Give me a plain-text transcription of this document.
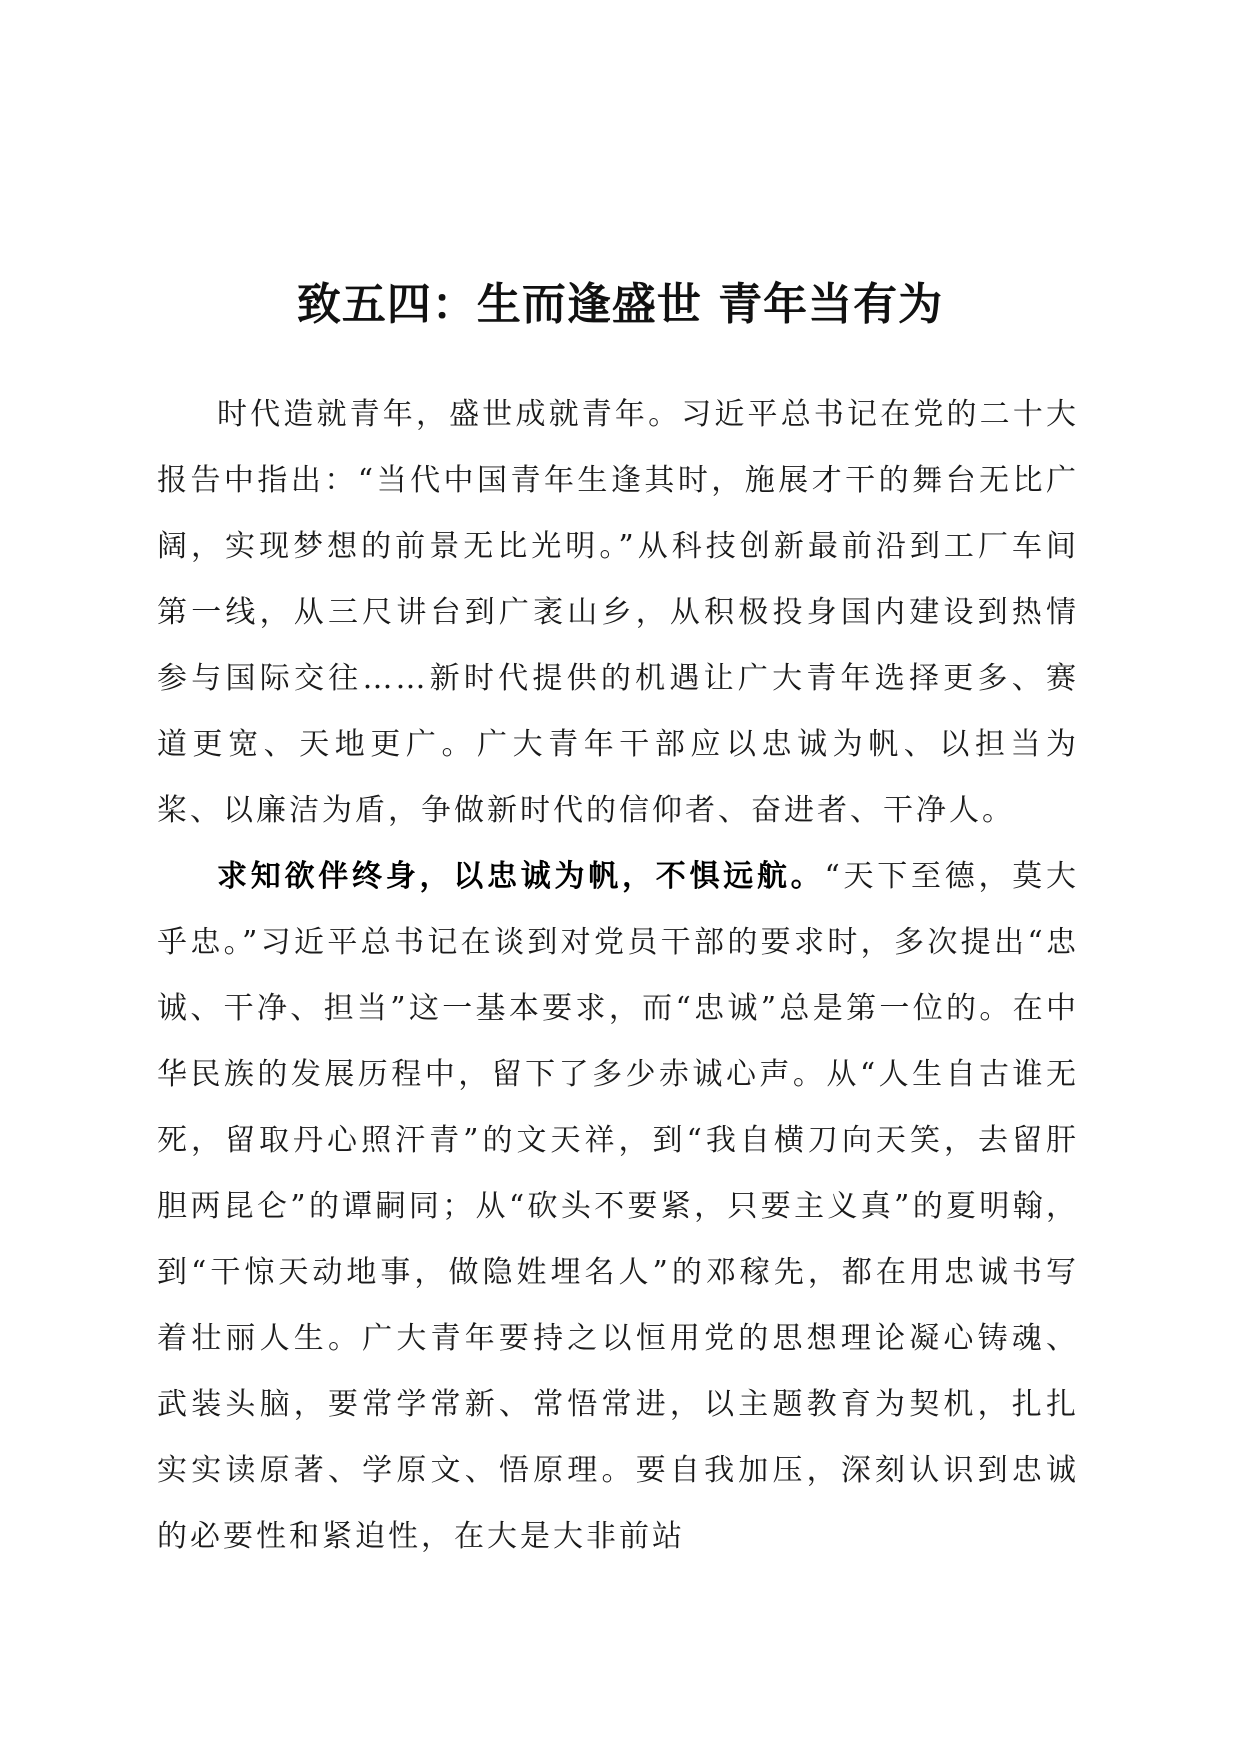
致五四：生而逢盛世 青年当有为

时代造就青年，盛世成就青年。习近平总书记在党的二十大报告中指出：“当代中国青年生逢其时，施展才干的舞台无比广阔，实现梦想的前景无比光明。”从科技创新最前沿到工厂车间第一线，从三尺讲台到广袤山乡，从积极投身国内建设到热情参与国际交往……新时代提供的机遇让广大青年选择更多、赛道更宽、天地更广。广大青年干部应以忠诚为帆、以担当为桨、以廉洁为盾，争做新时代的信仰者、奋进者、干净人。

求知欲伴终身，以忠诚为帆，不惧远航。“天下至德，莫大乎忠。”习近平总书记在谈到对党员干部的要求时，多次提出“忠诚、干净、担当”这一基本要求，而“忠诚”总是第一位的。在中华民族的发展历程中，留下了多少赤诚心声。从“人生自古谁无死，留取丹心照汗青”的文天祥，到“我自横刀向天笑，去留肝胆两昆仑”的谭嗣同；从“砍头不要紧，只要主义真”的夏明翰，到“干惊天动地事，做隐姓埋名人”的邓稼先，都在用忠诚书写着壮丽人生。广大青年要持之以恒用党的思想理论凝心铸魂、武装头脑，要常学常新、常悟常进，以主题教育为契机，扎扎实实读原著、学原文、悟原理。要自我加压，深刻认识到忠诚的必要性和紧迫性，在大是大非前站
